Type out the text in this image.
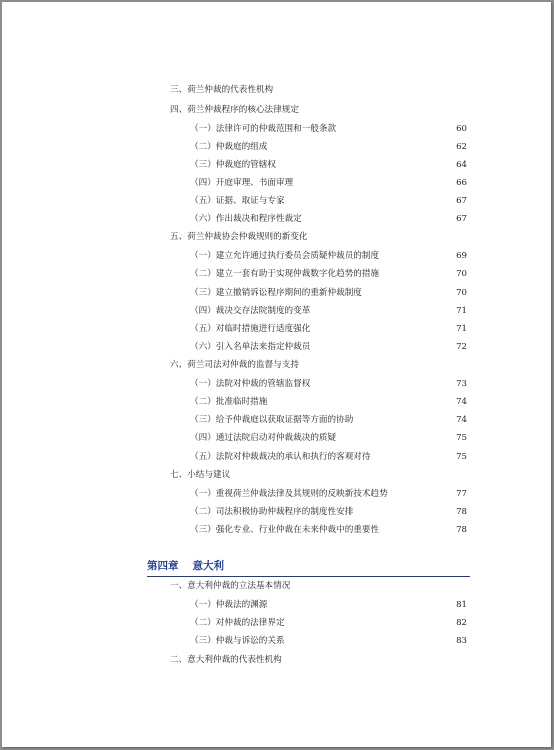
三、荷兰仲裁的代表性机构
四、荷兰仲裁程序的核心法律规定
（一）法律许可的仲裁范围和一般条款	60
（二）仲裁庭的组成	62
（三）仲裁庭的管辖权	64
（四）开庭审理、书面审理	66
（五）证据、取证与专家	67
（六）作出裁决和程序性裁定	67
五、荷兰仲裁协会仲裁规则的新变化
（一）建立允许通过执行委员会质疑仲裁员的制度	69
（二）建立一套有助于实现仲裁数字化趋势的措施	70
（三）建立撤销诉讼程序期间的重新仲裁制度	70
（四）裁决交存法院制度的变革	71
（五）对临时措施进行适度强化	71
（六）引入名单法来指定仲裁员	72
六、荷兰司法对仲裁的监督与支持
（一）法院对仲裁的管辖监督权	73
（二）批准临时措施	74
（三）给予仲裁庭以获取证据等方面的协助	74
（四）通过法院启动对仲裁裁决的质疑	75
（五）法院对仲裁裁决的承认和执行的客观对待	75
七、小结与建议
（一）重视荷兰仲裁法律及其规则的反映新技术趋势	77
（二）司法积极协助仲裁程序的制度性安排	78
（三）强化专业、行业仲裁在未来仲裁中的重要性	78
第四章 意大利
一、意大利仲裁的立法基本情况
（一）仲裁法的渊源	81
（二）对仲裁的法律界定	82
（三）仲裁与诉讼的关系	83
二、意大利仲裁的代表性机构
